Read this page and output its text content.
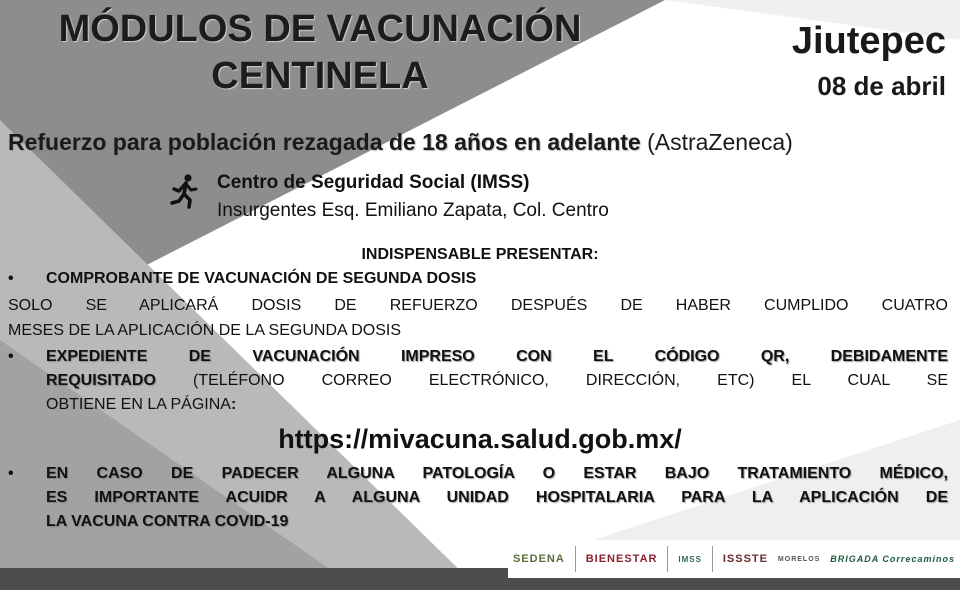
MÓDULOS DE VACUNACIÓN
CENTINELA
Jiutepec
08 de abril
Refuerzo para población rezagada de 18 años en adelante (AstraZeneca)
Centro de Seguridad Social (IMSS)
Insurgentes Esq. Emiliano Zapata, Col. Centro
INDISPENSABLE PRESENTAR:
• COMPROBANTE DE VACUNACIÓN DE SEGUNDA DOSIS
SOLO SE APLICARÁ DOSIS DE REFUERZO DESPUÉS DE HABER CUMPLIDO CUATRO
MESES DE LA APLICACIÓN DE LA SEGUNDA DOSIS
• EXPEDIENTE DE VACUNACIÓN IMPRESO CON EL CÓDIGO QR, DEBIDAMENTE
REQUISITADO (TELÉFONO CORREO ELECTRÓNICO, DIRECCIÓN, ETC) EL CUAL SE
OBTIENE EN LA PÁGINA:
https://mivacuna.salud.gob.mx/
• EN CASO DE PADECER ALGUNA PATOLOGÍA O ESTAR BAJO TRATAMIENTO MÉDICO,
ES IMPORTANTE ACUIDR A ALGUNA UNIDAD HOSPITALARIA PARA LA APLICACIÓN DE
LA VACUNA CONTRA COVID-19
SEDENA BIENESTAR	IMSS ISSSTE MORELOS BRIGADA Correcaminos
